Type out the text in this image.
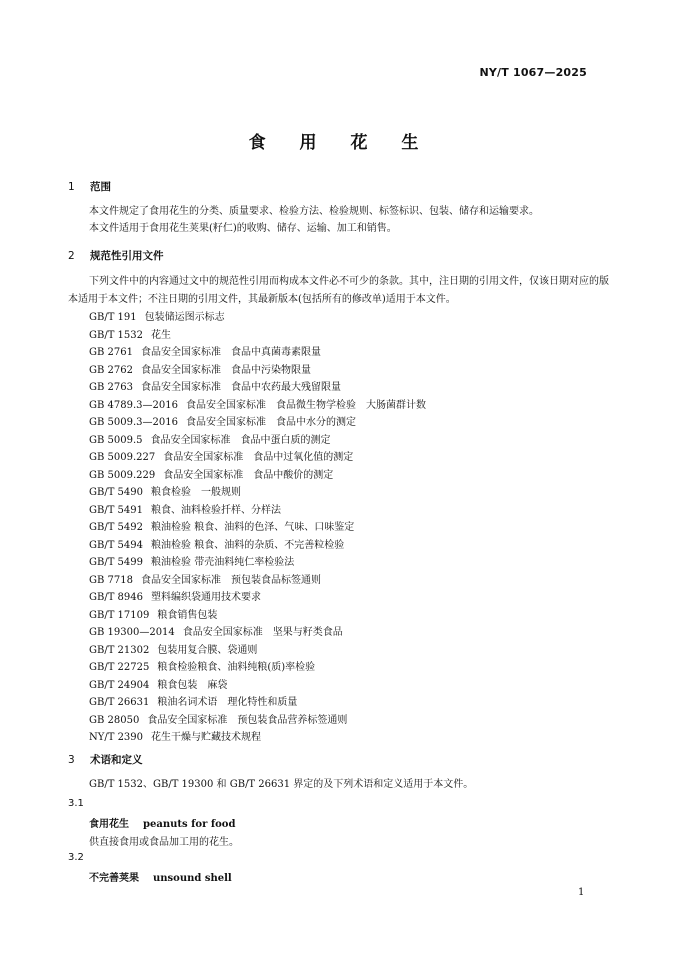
NY/T 1067—2025
食 用 花 生
1 范围
本文件规定了食用花生的分类、质量要求、检验方法、检验规则、标签标识、包装、储存和运输要求。
本文件适用于食用花生荚果(籽仁)的收购、储存、运输、加工和销售。
2 规范性引用文件
下列文件中的内容通过文中的规范性引用而构成本文件必不可少的条款。其中，注日期的引用文件，仅该日期对应的版本适用于本文件；不注日期的引用文件，其最新版本(包括所有的修改单)适用于本文件。
GB/T 191 包装储运图示标志
GB/T 1532 花生
GB 2761 食品安全国家标准　食品中真菌毒素限量
GB 2762 食品安全国家标准　食品中污染物限量
GB 2763 食品安全国家标准　食品中农药最大残留限量
GB 4789.3—2016 食品安全国家标准　食品微生物学检验　大肠菌群计数
GB 5009.3—2016 食品安全国家标准　食品中水分的测定
GB 5009.5 食品安全国家标准　食品中蛋白质的测定
GB 5009.227 食品安全国家标准　食品中过氧化值的测定
GB 5009.229 食品安全国家标准　食品中酸价的测定
GB/T 5490 粮食检验　一般规则
GB/T 5491 粮食、油料检验扦样、分样法
GB/T 5492 粮油检验 粮食、油料的色泽、气味、口味鉴定
GB/T 5494 粮油检验 粮食、油料的杂质、不完善粒检验
GB/T 5499 粮油检验 带壳油料纯仁率检验法
GB 7718 食品安全国家标准　预包装食品标签通则
GB/T 8946 塑料编织袋通用技术要求
GB/T 17109 粮食销售包装
GB 19300—2014 食品安全国家标准　坚果与籽类食品
GB/T 21302 包装用复合膜、袋通则
GB/T 22725 粮食检验粮食、油料纯粮(质)率检验
GB/T 24904 粮食包装　麻袋
GB/T 26631 粮油名词术语　理化特性和质量
GB 28050 食品安全国家标准　预包装食品营养标签通则
NY/T 2390 花生干燥与贮藏技术规程
3 术语和定义
GB/T 1532、GB/T 19300 和 GB/T 26631 界定的及下列术语和定义适用于本文件。
3.1
食用花生 peanuts for food
供直接食用或食品加工用的花生。
3.2
不完善荚果 unsound shell
1
